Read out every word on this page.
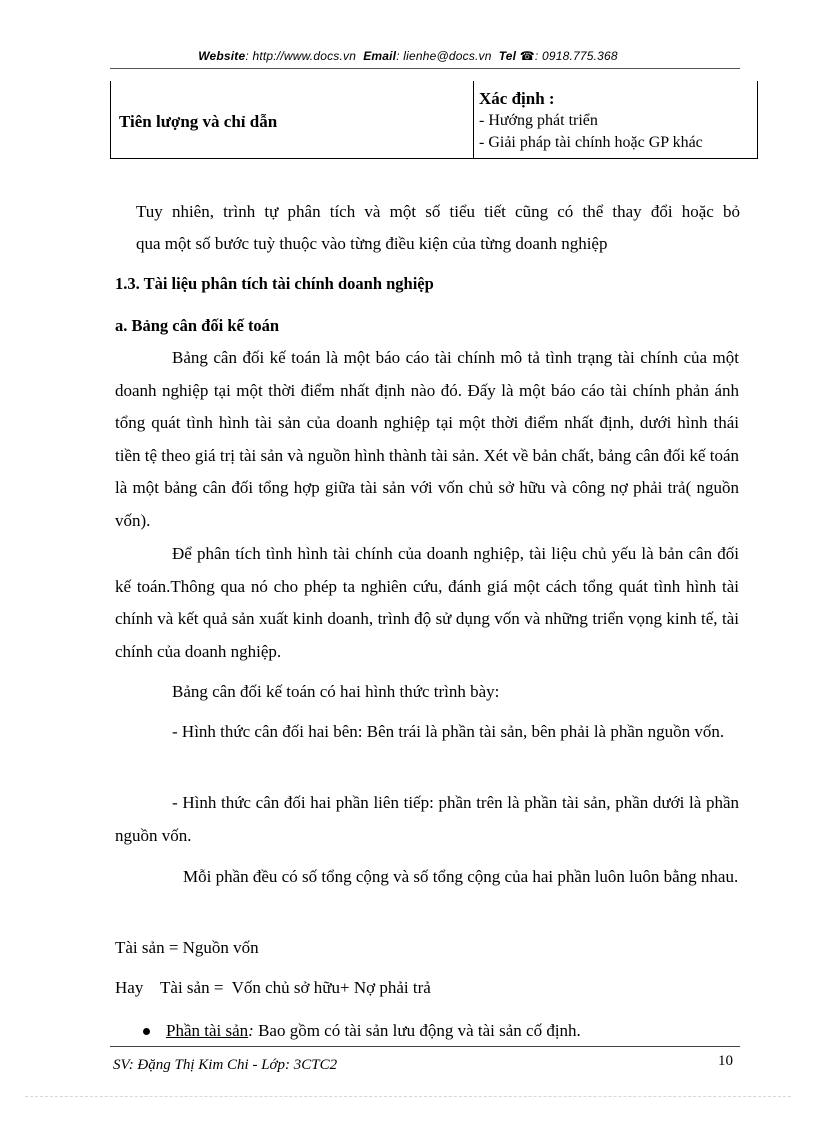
Website: http://www.docs.vn Email: lienhe@docs.vn Tel ☎: 0918.775.368
Tiên lượng và chỉ dẫn
Xác định :
- Hướng phát triển
- Giải pháp tài chính hoặc GP khác
Tuy nhiên, trình tự phân tích và một số tiểu tiết cũng có thể thay đổi hoặc bỏ
qua một số bước tuỳ thuộc vào từng điều kiện của từng doanh nghiệp
1.3. Tài liệu phân tích tài chính doanh nghiệp
a. Bảng cân đối kế toán
Bảng cân đối kế toán là một báo cáo tài chính mô tả tình trạng tài chính của một doanh nghiệp tại một thời điểm nhất định nào đó. Đấy là một báo cáo tài chính phản ánh tổng quát tình hình tài sản của doanh nghiệp tại một thời điểm nhất định, dưới hình thái tiền tệ theo giá trị tài sản và nguồn hình thành tài sản. Xét về bản chất, bảng cân đối kế toán là một bảng cân đối tổng hợp giữa tài sản với vốn chủ sở hữu và công nợ phải trả( nguồn vốn).
Để phân tích tình hình tài chính của doanh nghiệp, tài liệu chủ yếu là bản cân đối kế toán.Thông qua nó cho phép ta nghiên cứu, đánh giá một cách tổng quát tình hình tài chính và kết quả sản xuất kinh doanh, trình độ sử dụng vốn và những triển vọng kinh tế, tài chính của doanh nghiệp.
Bảng cân đối kế toán có hai hình thức trình bày:
- Hình thức cân đối hai bên: Bên trái là phần tài sản, bên phải là phần nguồn vốn.
- Hình thức cân đối hai phần liên tiếp: phần trên là phần tài sản, phần dưới là phần nguồn vốn.
Mỗi phần đều có số tổng cộng và số tổng cộng của hai phần luôn luôn bằng nhau.
Tài sản = Nguồn vốn
Hay    Tài sản =  Vốn chủ sở hữu+ Nợ phải trả
Phần tài sản: Bao gồm có tài sản lưu động và tài sản cố định.
SV: Đặng Thị Kim Chi - Lớp: 3CTC2	10
